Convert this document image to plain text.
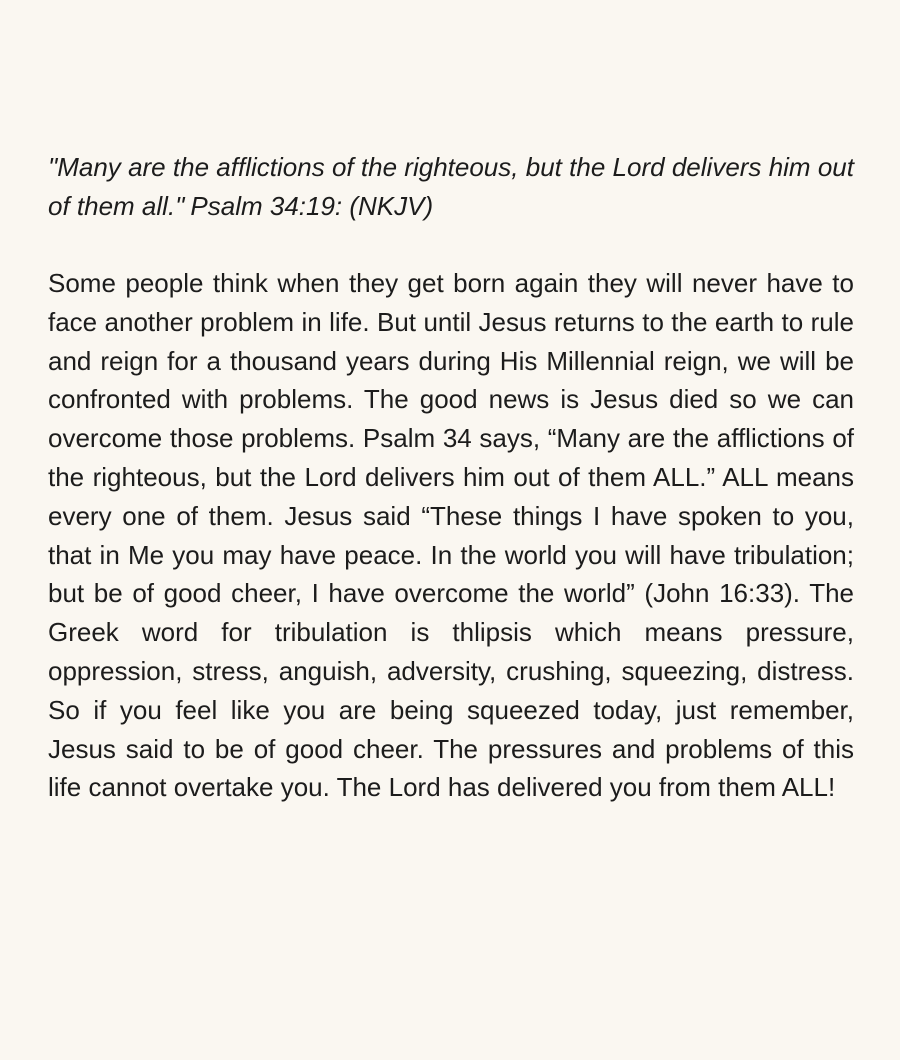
"Many are the afflictions of the righteous, but the Lord delivers him out of them all." Psalm 34:19: (NKJV)

Some people think when they get born again they will never have to face another problem in life. But until Jesus returns to the earth to rule and reign for a thousand years during His Millennial reign, we will be confronted with problems. The good news is Jesus died so we can overcome those problems. Psalm 34 says, “Many are the afflictions of the righteous, but the Lord delivers him out of them ALL.” ALL means every one of them. Jesus said “These things I have spoken to you, that in Me you may have peace. In the world you will have tribulation; but be of good cheer, I have overcome the world” (John 16:33). The Greek word for tribulation is thlipsis which means pressure, oppression, stress, anguish, adversity, crushing, squeezing, distress. So if you feel like you are being squeezed today, just remember, Jesus said to be of good cheer. The pressures and problems of this life cannot overtake you. The Lord has delivered you from them ALL!
